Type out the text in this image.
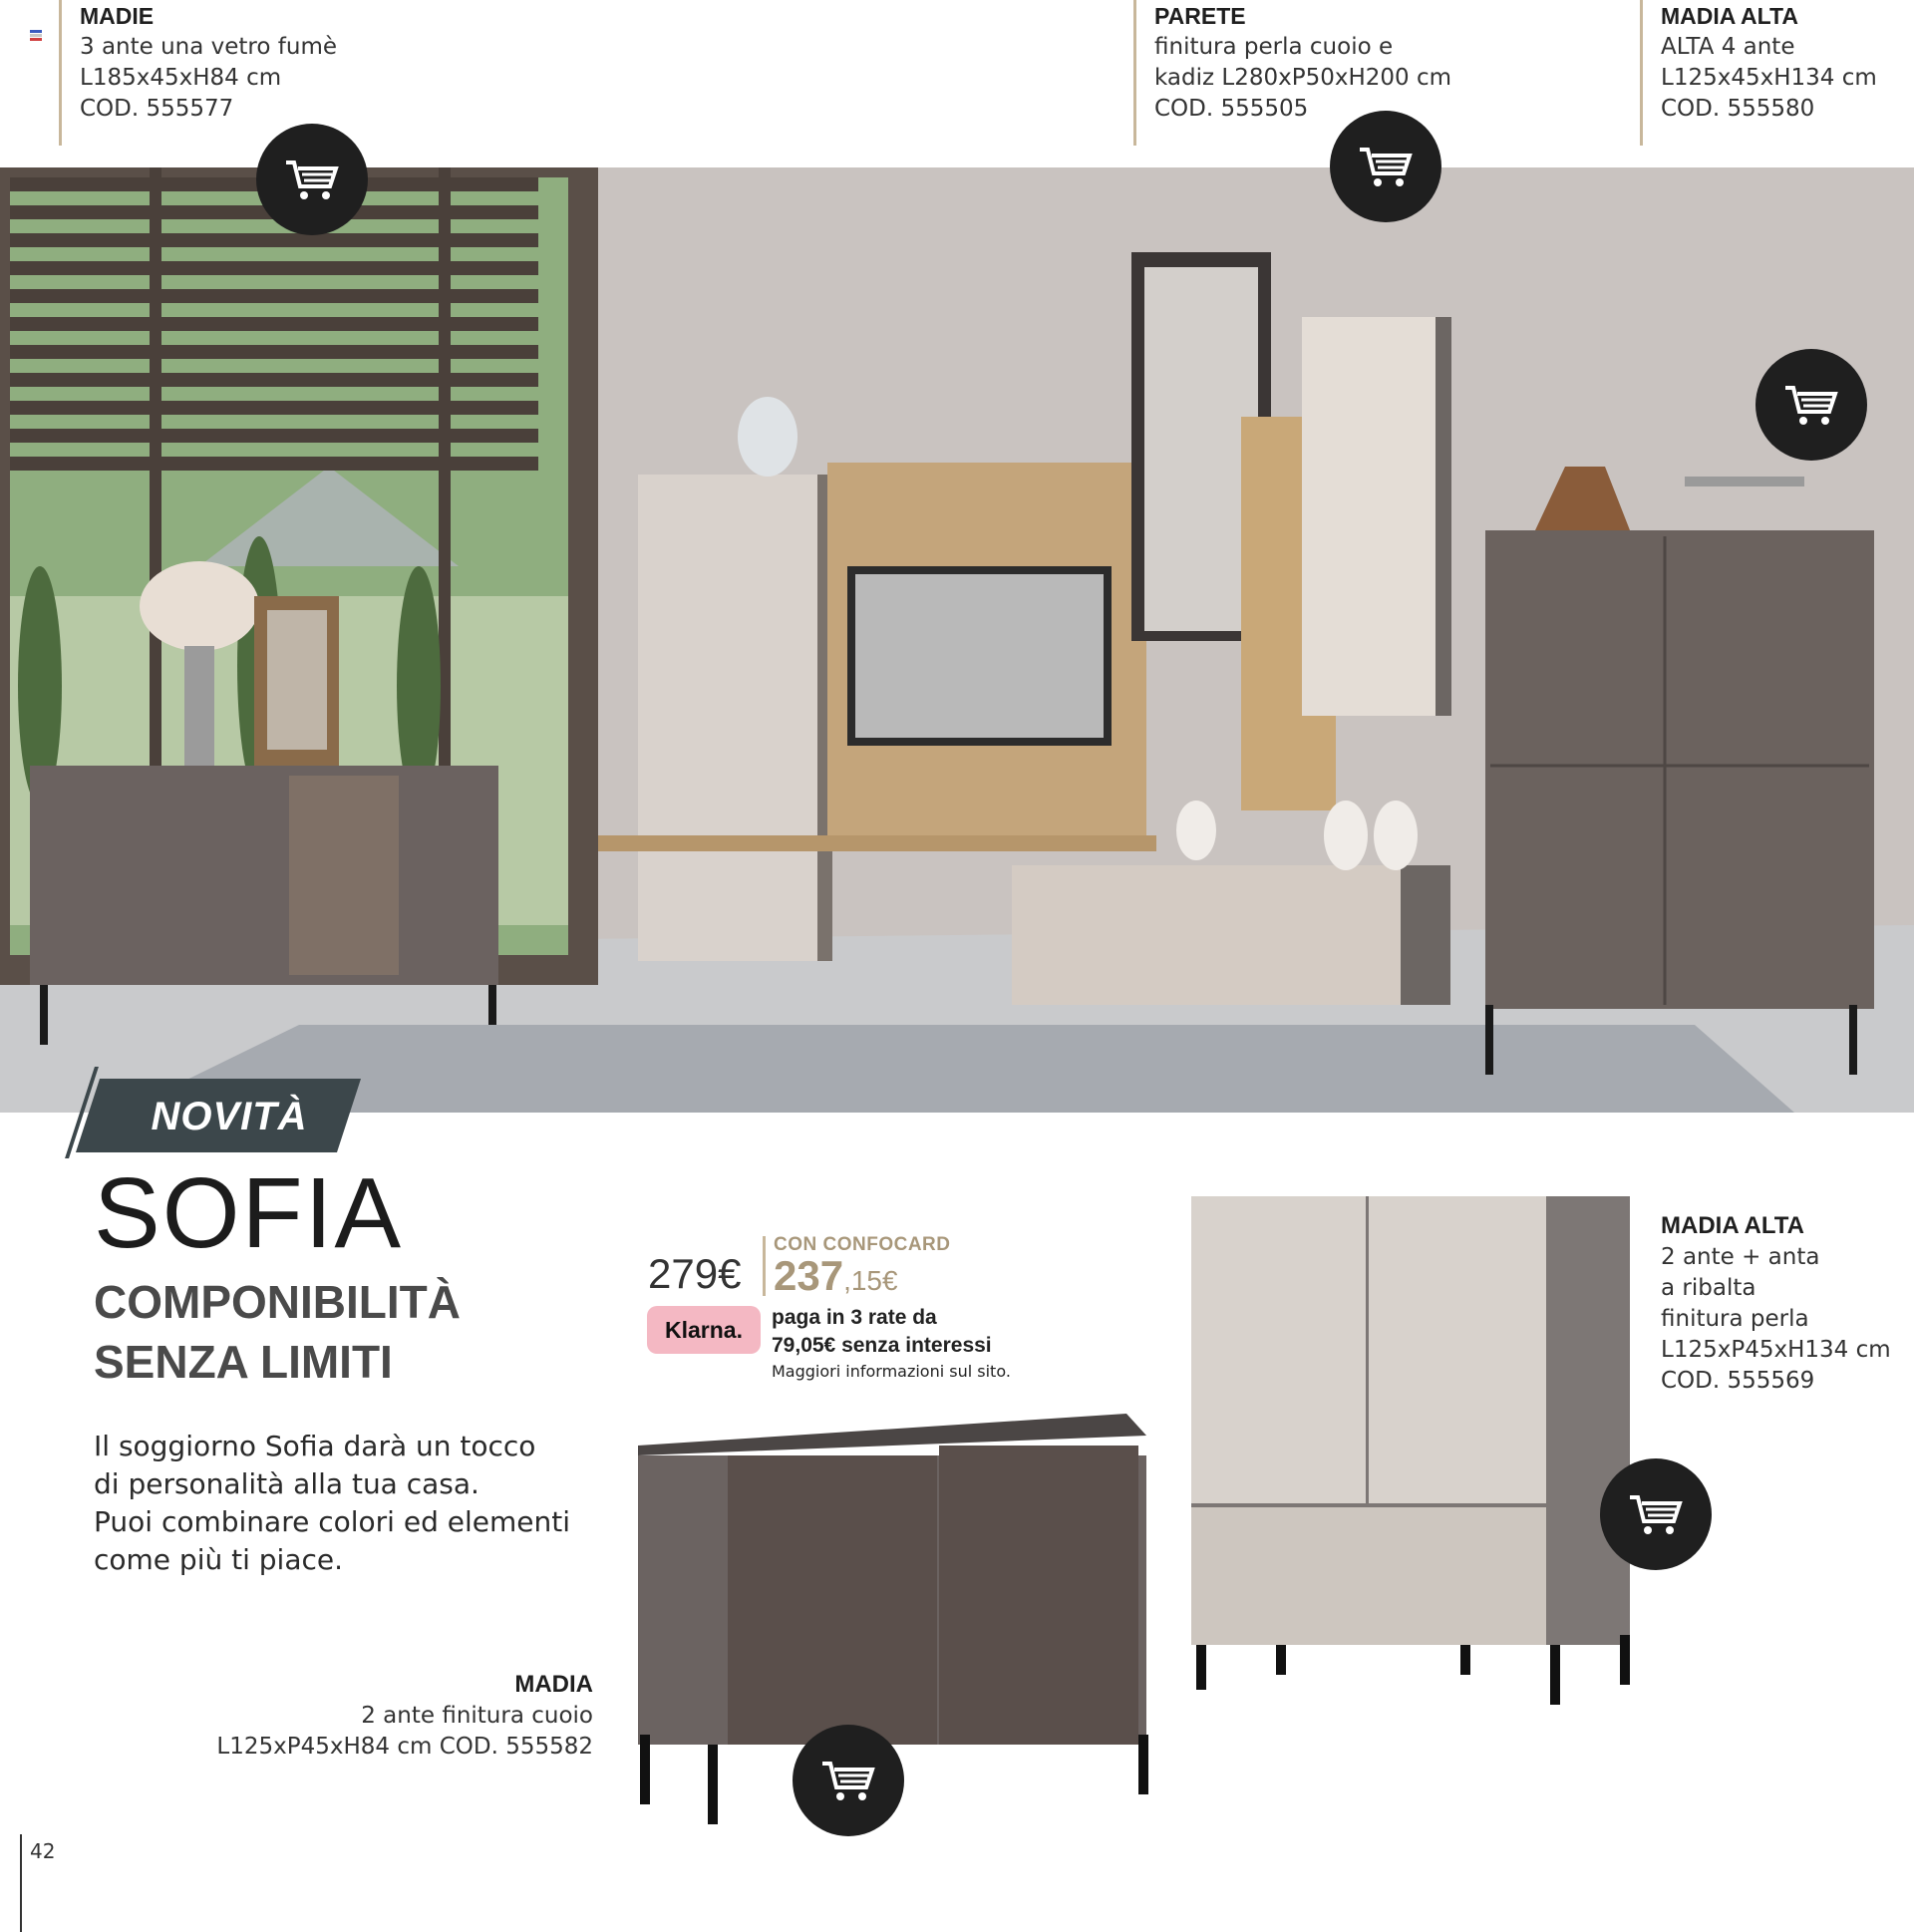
MADIE
3 ante una vetro fumè
L185x45xH84 cm
COD. 555577
PARETE
finitura perla cuoio e
kadiz L280xP50xH200 cm
COD. 555505
MADIA ALTA
ALTA 4 ante
L125x45xH134 cm
COD. 555580
NOVITÀ
SOFIA
COMPONIBILITÀ
SENZA LIMITI
Il soggiorno Sofia darà un tocco
di personalità alla tua casa.
Puoi combinare colori ed elementi
come più ti piace.
279€
CON CONFOCARD
237,15€
Klarna.	paga in 3 rate da
79,05€ senza interessi
Maggiori informazioni sul sito.
MADIA ALTA
2 ante + anta
a ribalta
finitura perla
L125xP45xH134 cm
COD. 555569
MADIA
2 ante finitura cuoio
L125xP45xH84 cm COD. 555582
42
